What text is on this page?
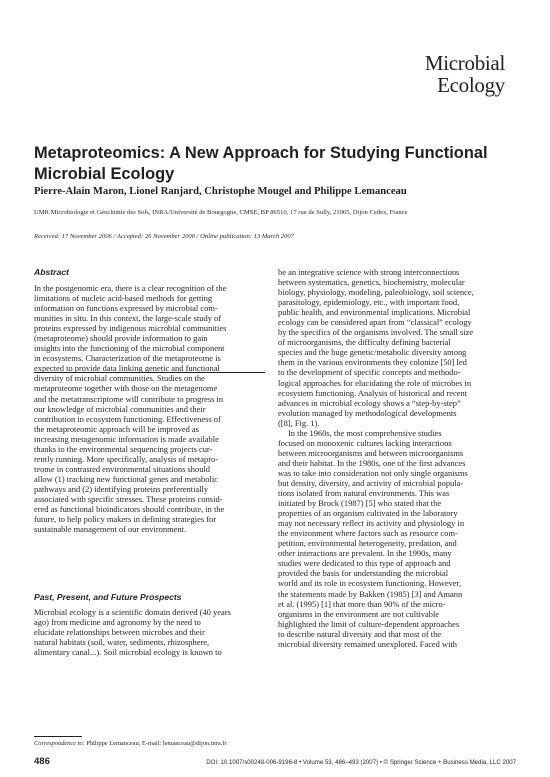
Microbial
Ecology
Metaproteomics: A New Approach for Studying Functional Microbial Ecology
Pierre-Alain Maron, Lionel Ranjard, Christophe Mougel and Philippe Lemanceau
UMR Microbiologie et Géochimie des Sols, INRA/Université de Bourgogne, CMSE, BP 86510, 17 rue de Sully, 21065, Dijon Cedex, France
Received: 17 November 2006 / Accepted: 26 November 2006 / Online publication: 13 March 2007
Abstract
In the postgenomic era, there is a clear recognition of the
limitations of nucleic acid-based methods for getting
information on functions expressed by microbial com-
munities in situ. In this context, the large-scale study of
proteins expressed by indigenous microbial communities
(metaproteome) should provide information to gain
insights into the functioning of the microbial component
in ecosystems. Characterization of the metaproteome is
expected to provide data linking genetic and functional
diversity of microbial communities. Studies on the
metaproteome together with those on the metagenome
and the metatranscriptome will contribute to progress in
our knowledge of microbial communities and their
contribution in ecosystem functioning. Effectiveness of
the metaproteomic approach will be improved as
increasing metagenomic information is made available
thanks to the environmental sequencing projects cur-
rently running. More specifically, analysis of metapro-
teome in contrasted environmental situations should
allow (1) tracking new functional genes and metabolic
pathways and (2) identifying proteins preferentially
associated with specific stresses. These proteins consid-
ered as functional bioindicators should contribute, in the
future, to help policy makers in defining strategies for
sustainable management of our environment.
Past, Present, and Future Prospects
Microbial ecology is a scientific domain derived (40 years
ago) from medicine and agronomy by the need to
elucidate relationships between microbes and their
natural habitats (soil, water, sediments, rhizosphere,
alimentary canal...). Soil microbial ecology is known to
be an integrative science with strong interconnections
between systematics, genetics, biochemistry, molecular
biology, physiology, modeling, paleobiology, soil science,
parasitology, epidemiology, etc., with important food,
public health, and environmental implications. Microbial
ecology can be considered apart from “classical” ecology
by the specifics of the organisms involved. The small size
of microorganisms, the difficulty defining bacterial
species and the huge genetic/metabolic diversity among
them in the various environments they colonize [50] led
to the development of specific concepts and methodo-
logical approaches for elucidating the role of microbes in
ecosystem functioning. Analysis of historical and recent
advances in microbial ecology shows a “step-by-step”
evolution managed by methodological developments
([8], Fig. 1).
In the 1960s, the most comprehensive studies
focused on monoxenic cultures lacking interactions
between microorganisms and between microorganisms
and their habitat. In the 1980s, one of the first advances
was to take into consideration not only single organisms
but density, diversity, and activity of microbial popula-
tions isolated from natural environments. This was
initiated by Brock (1987) [5] who stated that the
properties of an organism cultivated in the laboratory
may not necessary reflect its activity and physiology in
the environment where factors such as resource com-
petition, environmental heterogeneity, predation, and
other interactions are prevalent. In the 1990s, many
studies were dedicated to this type of approach and
provided the basis for understanding the microbial
world and its role in ecosystem functioning. However,
the statements made by Bakken (1985) [3] and Amann
et al. (1995) [1] that more than 90% of the micro-
organisms in the environment are not cultivable
highlighted the limit of culture-dependent approaches
to describe natural diversity and that most of the
microbial diversity remained unexplored. Faced with
Correspondence to: Philippe Lemanceau; E-mail: lemanceau@dijon.inra.fr
486	DOI: 10.1007/s00248-006-9196-8 • Volume 53, 486–493 (2007) • © Springer Science + Business Media, LLC 2007
